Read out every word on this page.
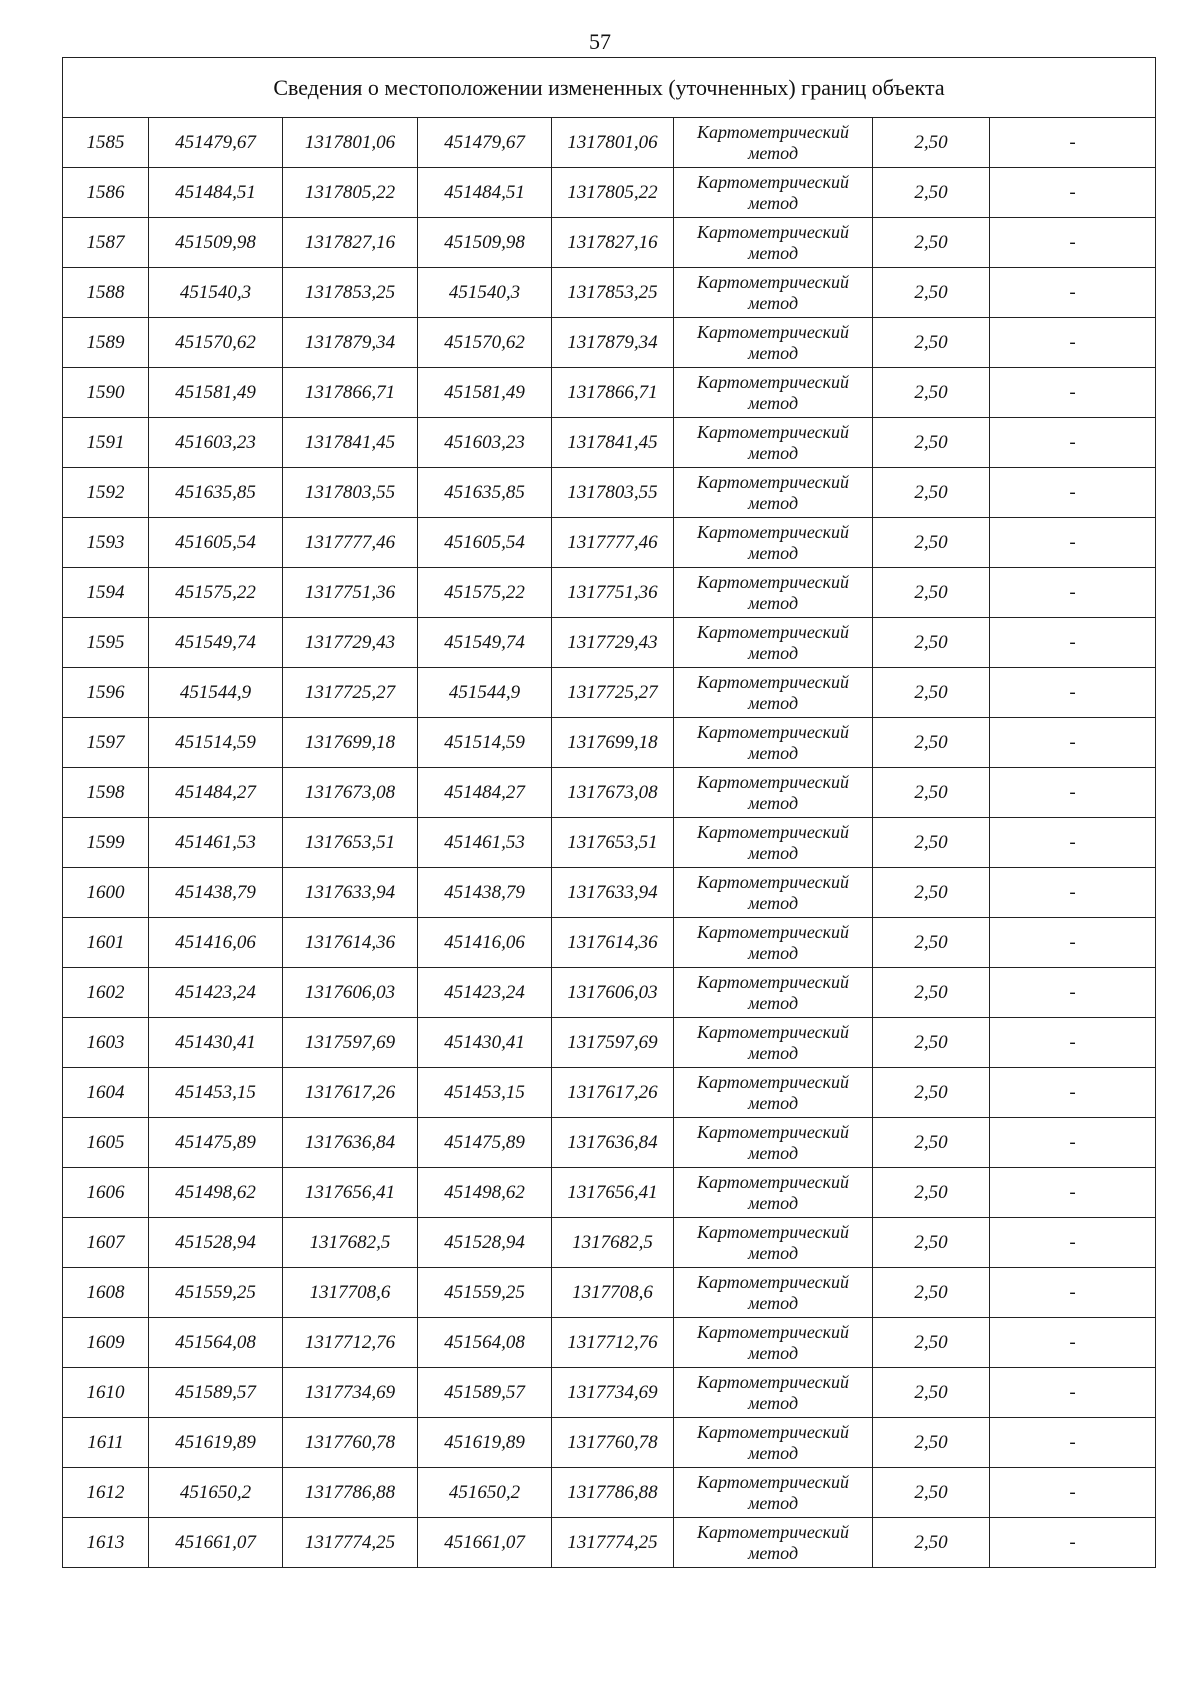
57
Сведения о местоположении измененных (уточненных) границ объекта							
1585	451479,67	1317801,06	451479,67	1317801,06	Картометрический метод	2,50	-
1586	451484,51	1317805,22	451484,51	1317805,22	Картометрический метод	2,50	-
1587	451509,98	1317827,16	451509,98	1317827,16	Картометрический метод	2,50	-
1588	451540,3	1317853,25	451540,3	1317853,25	Картометрический метод	2,50	-
1589	451570,62	1317879,34	451570,62	1317879,34	Картометрический метод	2,50	-
1590	451581,49	1317866,71	451581,49	1317866,71	Картометрический метод	2,50	-
1591	451603,23	1317841,45	451603,23	1317841,45	Картометрический метод	2,50	-
1592	451635,85	1317803,55	451635,85	1317803,55	Картометрический метод	2,50	-
1593	451605,54	1317777,46	451605,54	1317777,46	Картометрический метод	2,50	-
1594	451575,22	1317751,36	451575,22	1317751,36	Картометрический метод	2,50	-
1595	451549,74	1317729,43	451549,74	1317729,43	Картометрический метод	2,50	-
1596	451544,9	1317725,27	451544,9	1317725,27	Картометрический метод	2,50	-
1597	451514,59	1317699,18	451514,59	1317699,18	Картометрический метод	2,50	-
1598	451484,27	1317673,08	451484,27	1317673,08	Картометрический метод	2,50	-
1599	451461,53	1317653,51	451461,53	1317653,51	Картометрический метод	2,50	-
1600	451438,79	1317633,94	451438,79	1317633,94	Картометрический метод	2,50	-
1601	451416,06	1317614,36	451416,06	1317614,36	Картометрический метод	2,50	-
1602	451423,24	1317606,03	451423,24	1317606,03	Картометрический метод	2,50	-
1603	451430,41	1317597,69	451430,41	1317597,69	Картометрический метод	2,50	-
1604	451453,15	1317617,26	451453,15	1317617,26	Картометрический метод	2,50	-
1605	451475,89	1317636,84	451475,89	1317636,84	Картометрический метод	2,50	-
1606	451498,62	1317656,41	451498,62	1317656,41	Картометрический метод	2,50	-
1607	451528,94	1317682,5	451528,94	1317682,5	Картометрический метод	2,50	-
1608	451559,25	1317708,6	451559,25	1317708,6	Картометрический метод	2,50	-
1609	451564,08	1317712,76	451564,08	1317712,76	Картометрический метод	2,50	-
1610	451589,57	1317734,69	451589,57	1317734,69	Картометрический метод	2,50	-
1611	451619,89	1317760,78	451619,89	1317760,78	Картометрический метод	2,50	-
1612	451650,2	1317786,88	451650,2	1317786,88	Картометрический метод	2,50	-
1613	451661,07	1317774,25	451661,07	1317774,25	Картометрический метод	2,50	-
